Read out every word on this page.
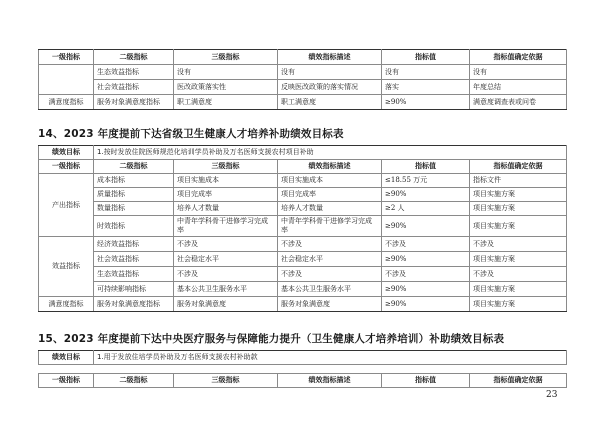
一级指标	二级指标	三级指标	绩效指标描述	指标值	指标值确定依据
	生态效益指标	没有	没有	没有	没有
	社会效益指标	医改政策落实性	反映医改政策的落实情况	落实	年度总结
满意度指标	服务对象满意度指标	职工满意度	职工满意度	≥90%	满意度调查表或问卷
14、2023 年度提前下达省级卫生健康人才培养补助绩效目标表
绩效目标	1.按时发放住院医师规范化培训学员补助及万名医师支援农村项目补助				
一级指标	二级指标	三级指标	绩效指标描述	指标值	指标值确定依据
产出指标	成本指标	项目实施成本	项目实施成本	≤18.55 万元	指标文件
	质量指标	项目完成率	项目完成率	≥90%	项目实施方案
	数量指标	培养人才数量	培养人才数量	≥2 人	项目实施方案
	时效指标	中青年学科骨干进修学习完成率	中青年学科骨干进修学习完成率	≥90%	项目实施方案
效益指标	经济效益指标	不涉及	不涉及	不涉及	不涉及
	社会效益指标	社会稳定水平	社会稳定水平	≥90%	项目实施方案
	生态效益指标	不涉及	不涉及	不涉及	不涉及
	可持续影响指标	基本公共卫生服务水平	基本公共卫生服务水平	≥90%	项目实施方案
满意度指标	服务对象满意度指标	服务对象满意度	服务对象满意度	≥90%	项目实施方案
15、2023 年度提前下达中央医疗服务与保障能力提升（卫生健康人才培养培训）补助绩效目标表
绩效目标	1.用于发放住培学员补助及万名医师支援农村补助款				

一级指标	二级指标	三级指标	绩效指标描述	指标值	指标值确定依据
23
